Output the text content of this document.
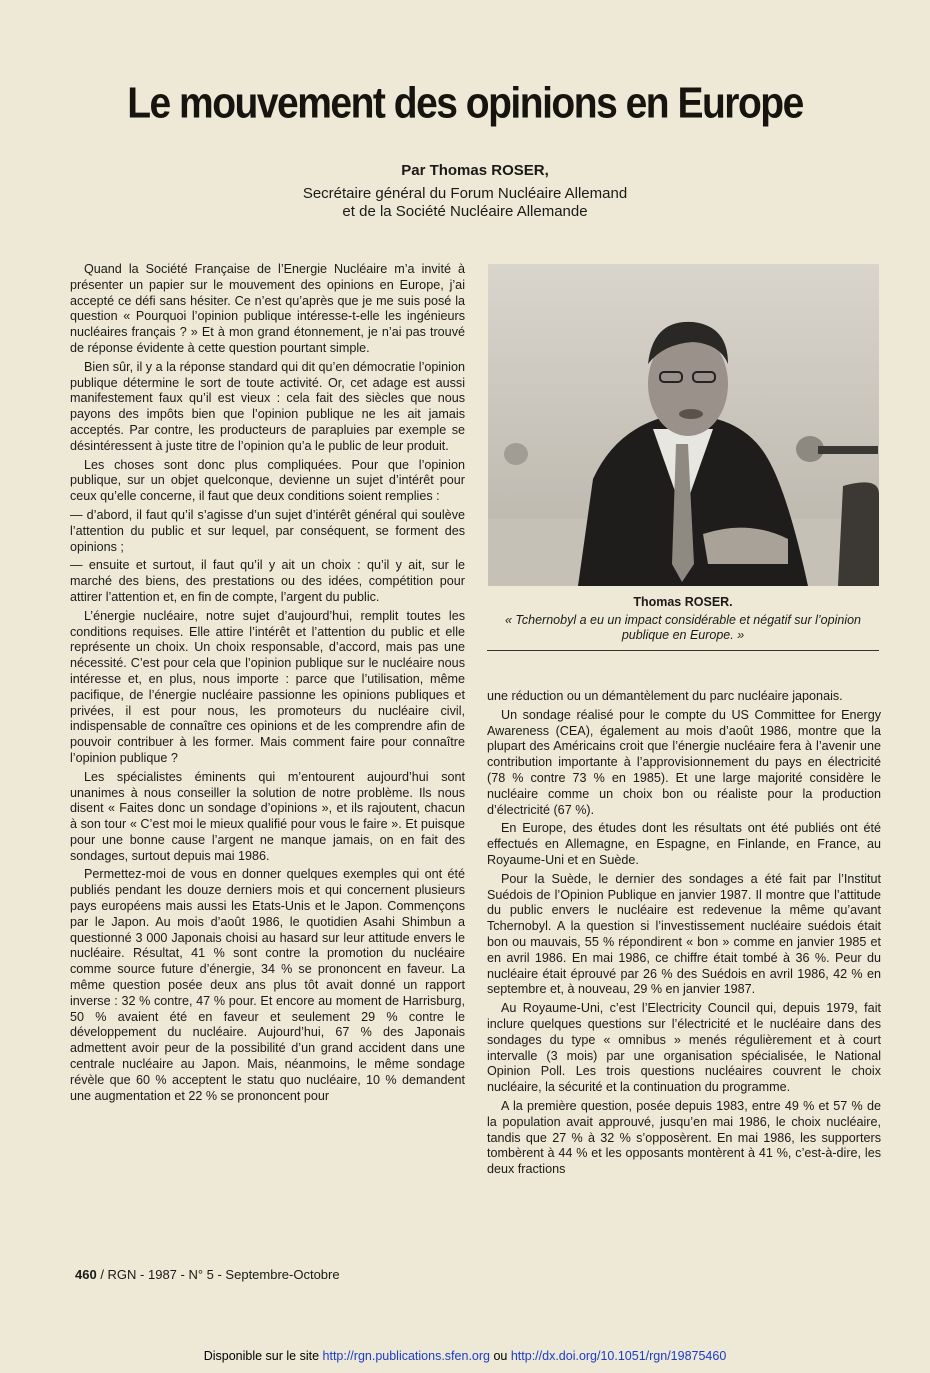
Le mouvement des opinions en Europe
Par Thomas ROSER,
Secrétaire général du Forum Nucléaire Allemand
et de la Société Nucléaire Allemande

Quand la Société Française de l’Energie Nucléaire m’a invité à présenter un papier sur le mouvement des opinions en Europe, j’ai accepté ce défi sans hésiter. Ce n’est qu’après que je me suis posé la question « Pourquoi l’opinion publique intéresse-t-elle les ingénieurs nucléaires français ? » Et à mon grand étonnement, je n’ai pas trouvé de réponse évidente à cette question pourtant simple.

Bien sûr, il y a la réponse standard qui dit qu’en démocratie l’opinion publique détermine le sort de toute activité. Or, cet adage est aussi manifestement faux qu’il est vieux : cela fait des siècles que nous payons des impôts bien que l’opinion publique ne les ait jamais acceptés. Par contre, les producteurs de parapluies par exemple se désintéressent à juste titre de l’opinion qu’a le public de leur produit.

Les choses sont donc plus compliquées. Pour que l’opinion publique, sur un objet quelconque, devienne un sujet d’intérêt pour ceux qu’elle concerne, il faut que deux conditions soient remplies :

— d’abord, il faut qu’il s’agisse d’un sujet d’intérêt général qui soulève l’attention du public et sur lequel, par conséquent, se forment des opinions ;

— ensuite et surtout, il faut qu’il y ait un choix : qu’il y ait, sur le marché des biens, des prestations ou des idées, compétition pour attirer l’attention et, en fin de compte, l’argent du public.

L’énergie nucléaire, notre sujet d’aujourd’hui, remplit toutes les conditions requises. Elle attire l’intérêt et l’attention du public et elle représente un choix. Un choix responsable, d’accord, mais pas une nécessité. C’est pour cela que l’opinion publique sur le nucléaire nous intéresse et, en plus, nous importe : parce que l’utilisation, même pacifique, de l’énergie nucléaire passionne les opinions publiques et privées, il est pour nous, les promoteurs du nucléaire civil, indispensable de connaître ces opinions et de les comprendre afin de pouvoir contribuer à les former. Mais comment faire pour connaître l’opinion publique ?

Les spécialistes éminents qui m’entourent aujourd’hui sont unanimes à nous conseiller la solution de notre problème. Ils nous disent « Faites donc un sondage d’opinions », et ils rajoutent, chacun à son tour « C’est moi le mieux qualifié pour vous le faire ». Et puisque pour une bonne cause l’argent ne manque jamais, on en fait des sondages, surtout depuis mai 1986.

Permettez-moi de vous en donner quelques exemples qui ont été publiés pendant les douze derniers mois et qui concernent plusieurs pays européens mais aussi les Etats-Unis et le Japon. Commençons par le Japon. Au mois d’août 1986, le quotidien Asahi Shimbun a questionné 3 000 Japonais choisi au hasard sur leur attitude envers le nucléaire. Résultat, 41 % sont contre la promotion du nucléaire comme source future d’énergie, 34 % se prononcent en faveur. La même question posée deux ans plus tôt avait donné un rapport inverse : 32 % contre, 47 % pour. Et encore au moment de Harrisburg, 50 % avaient été en faveur et seulement 29 % contre le développement du nucléaire. Aujourd’hui, 67 % des Japonais admettent avoir peur de la possibilité d’un grand accident dans une centrale nucléaire au Japon. Mais, néanmoins, le même sondage révèle que 60 % acceptent le statu quo nucléaire, 10 % demandent une augmentation et 22 % se prononcent pour

Thomas ROSER.
« Tchernobyl a eu un impact considérable et négatif sur l’opinion publique en Europe. »

une réduction ou un démantèlement du parc nucléaire japonais.

Un sondage réalisé pour le compte du US Committee for Energy Awareness (CEA), également au mois d’août 1986, montre que la plupart des Américains croit que l’énergie nucléaire fera à l’avenir une contribution importante à l’approvisionnement du pays en électricité (78 % contre 73 % en 1985). Et une large majorité considère le nucléaire comme un choix bon ou réaliste pour la production d’électricité (67 %).

En Europe, des études dont les résultats ont été publiés ont été effectués en Allemagne, en Espagne, en Finlande, en France, au Royaume-Uni et en Suède.

Pour la Suède, le dernier des sondages a été fait par l’Institut Suédois de l’Opinion Publique en janvier 1987. Il montre que l’attitude du public envers le nucléaire est redevenue la même qu’avant Tchernobyl. A la question si l’investissement nucléaire suédois était bon ou mauvais, 55 % répondirent « bon » comme en janvier 1985 et en avril 1986. En mai 1986, ce chiffre était tombé à 36 %. Peur du nucléaire était éprouvé par 26 % des Suédois en avril 1986, 42 % en septembre et, à nouveau, 29 % en janvier 1987.

Au Royaume-Uni, c’est l’Electricity Council qui, depuis 1979, fait inclure quelques questions sur l’électricité et le nucléaire dans des sondages du type « omnibus » menés régulièrement et à court intervalle (3 mois) par une organisation spécialisée, le National Opinion Poll. Les trois questions nucléaires couvrent le choix nucléaire, la sécurité et la continuation du programme.

A la première question, posée depuis 1983, entre 49 % et 57 % de la population avait approuvé, jusqu’en mai 1986, le choix nucléaire, tandis que 27 % à 32 % s’opposèrent. En mai 1986, les supporters tombèrent à 44 % et les opposants montèrent à 41 %, c’est-à-dire, les deux fractions

460 / RGN - 1987 - N° 5 - Septembre-Octobre
Disponible sur le site http://rgn.publications.sfen.org ou http://dx.doi.org/10.1051/rgn/19875460
